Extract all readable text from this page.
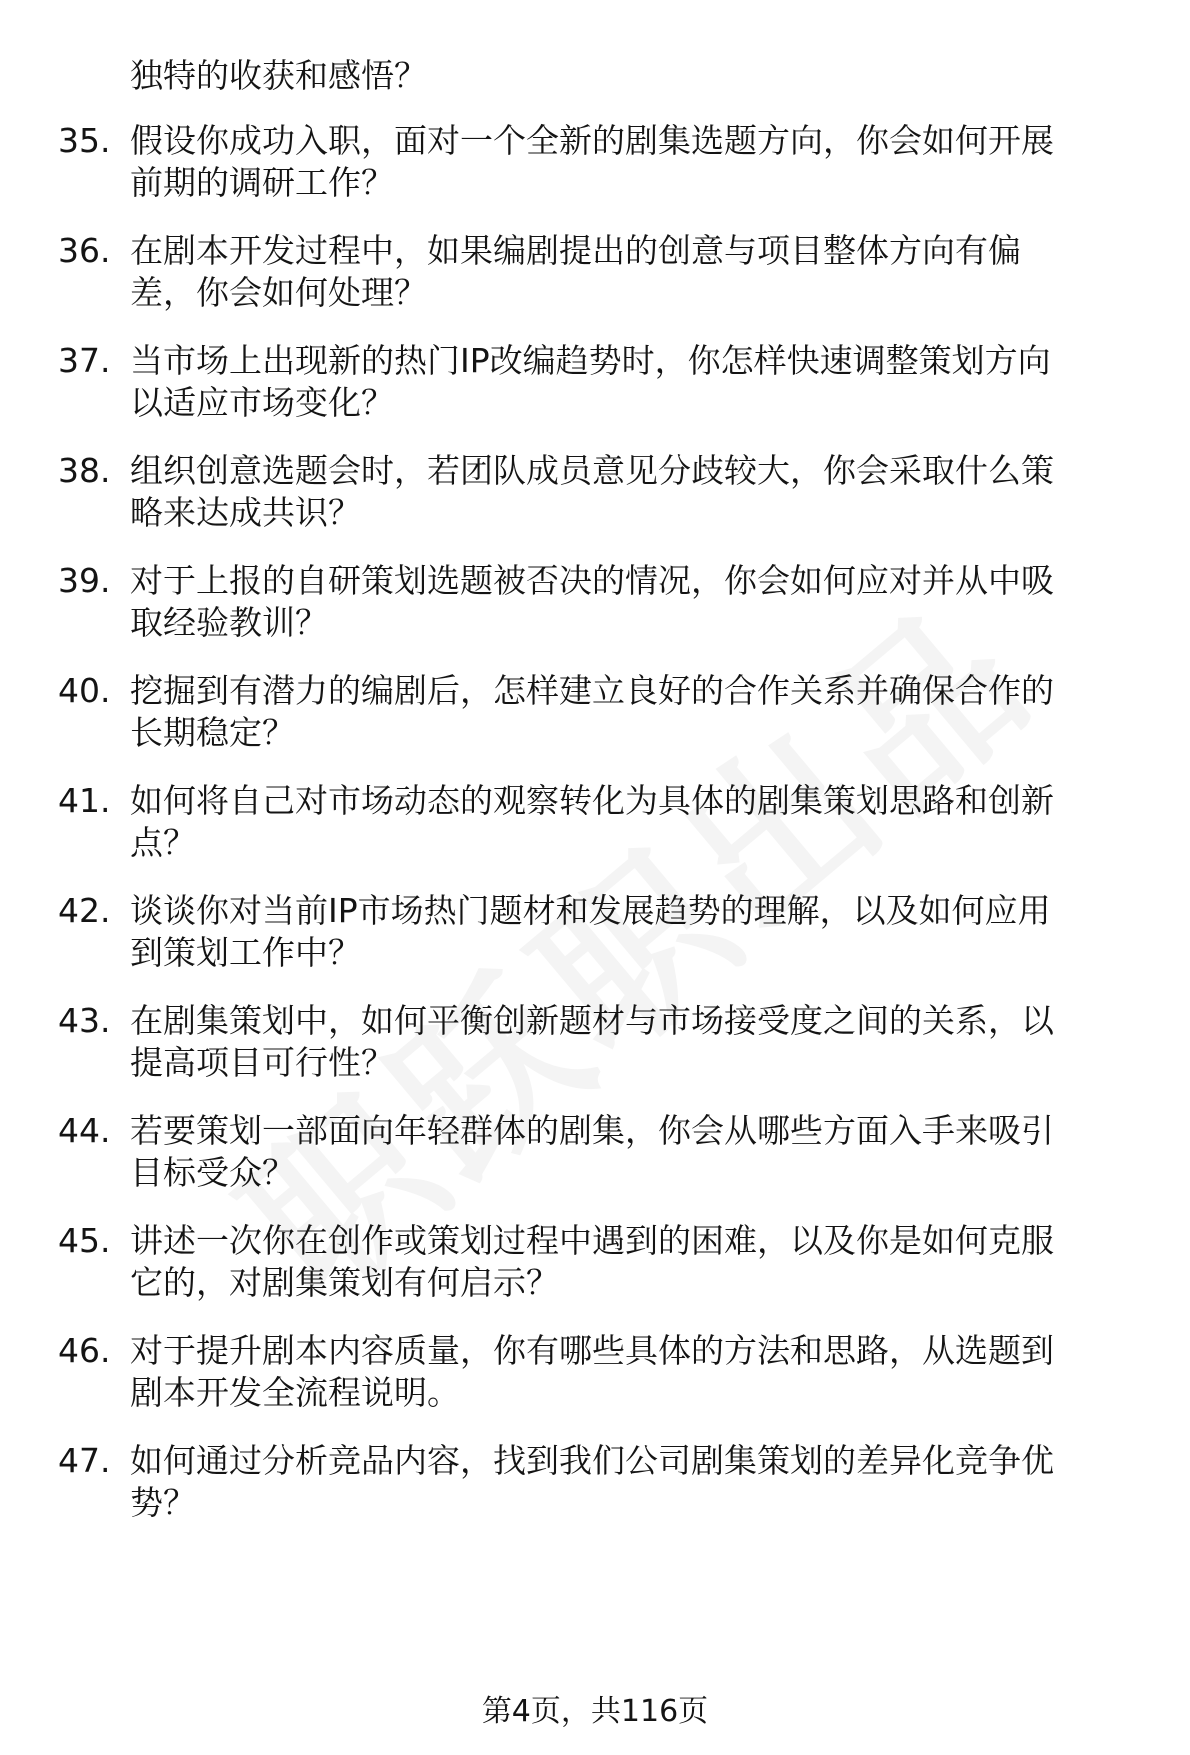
独特的收获和感悟？
35. 假设你成功入职，面对一个全新的剧集选题方向，你会如何开展
前期的调研工作？
36. 在剧本开发过程中，如果编剧提出的创意与项目整体方向有偏
差，你会如何处理？
37. 当市场上出现新的热门IP改编趋势时，你怎样快速调整策划方向
以适应市场变化？
38. 组织创意选题会时，若团队成员意见分歧较大，你会采取什么策
略来达成共识？
39. 对于上报的自研策划选题被否决的情况，你会如何应对并从中吸
取经验教训？
40. 挖掘到有潜力的编剧后，怎样建立良好的合作关系并确保合作的
长期稳定？
41. 如何将自己对市场动态的观察转化为具体的剧集策划思路和创新
点？
42. 谈谈你对当前IP市场热门题材和发展趋势的理解，以及如何应用
到策划工作中？
43. 在剧集策划中，如何平衡创新题材与市场接受度之间的关系，以
提高项目可行性？
44. 若要策划一部面向年轻群体的剧集，你会从哪些方面入手来吸引
目标受众？
45. 讲述一次你在创作或策划过程中遇到的困难，以及你是如何克服
它的，对剧集策划有何启示？
46. 对于提升剧本内容质量，你有哪些具体的方法和思路，从选题到
剧本开发全流程说明。
47. 如何通过分析竞品内容，找到我们公司剧集策划的差异化竞争优
势？
第4页，共116页
